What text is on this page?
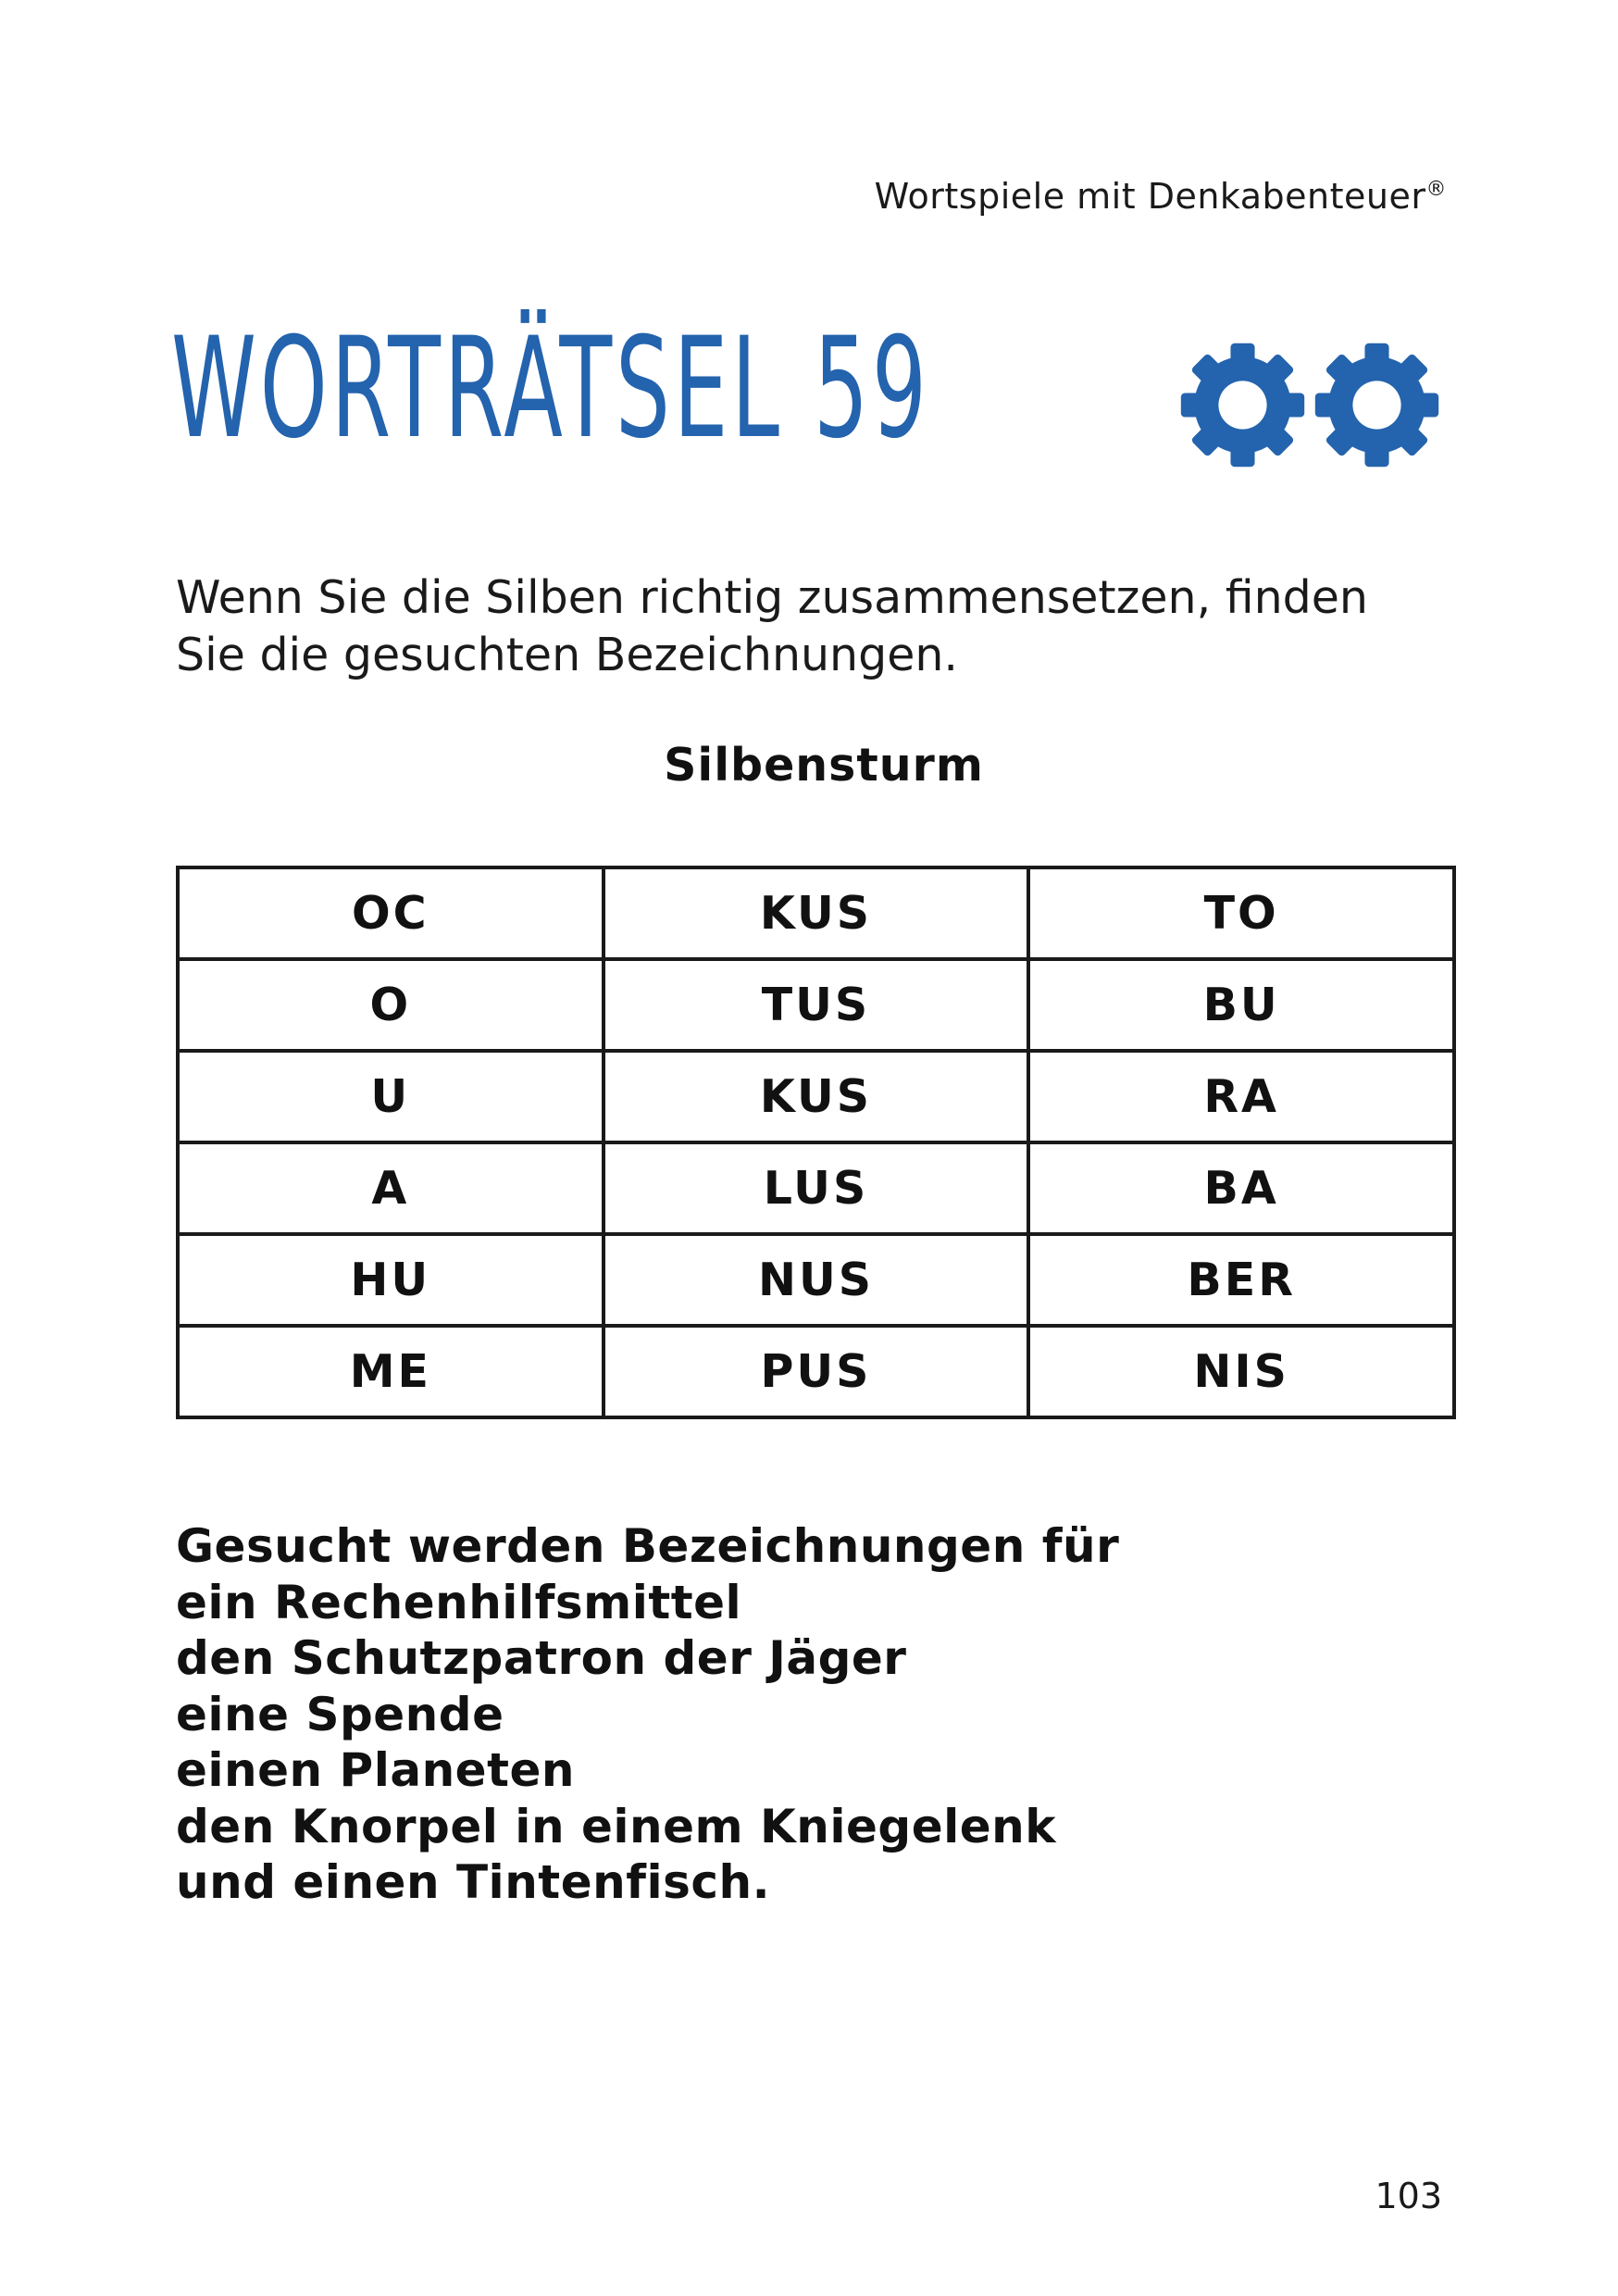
Wortspiele mit Denkabenteuer®
WORTRÄTSEL 59
Wenn Sie die Silben richtig zusammensetzen, finden
Sie die gesuchten Bezeichnungen.
Silbensturm
OC	KUS	TO
O	TUS	BU
U	KUS	RA
A	LUS	BA
HU	NUS	BER
ME	PUS	NIS
Gesucht werden Bezeichnungen für
ein Rechenhilfsmittel
den Schutzpatron der Jäger
eine Spende
einen Planeten
den Knorpel in einem Kniegelenk
und einen Tintenfisch.
103
